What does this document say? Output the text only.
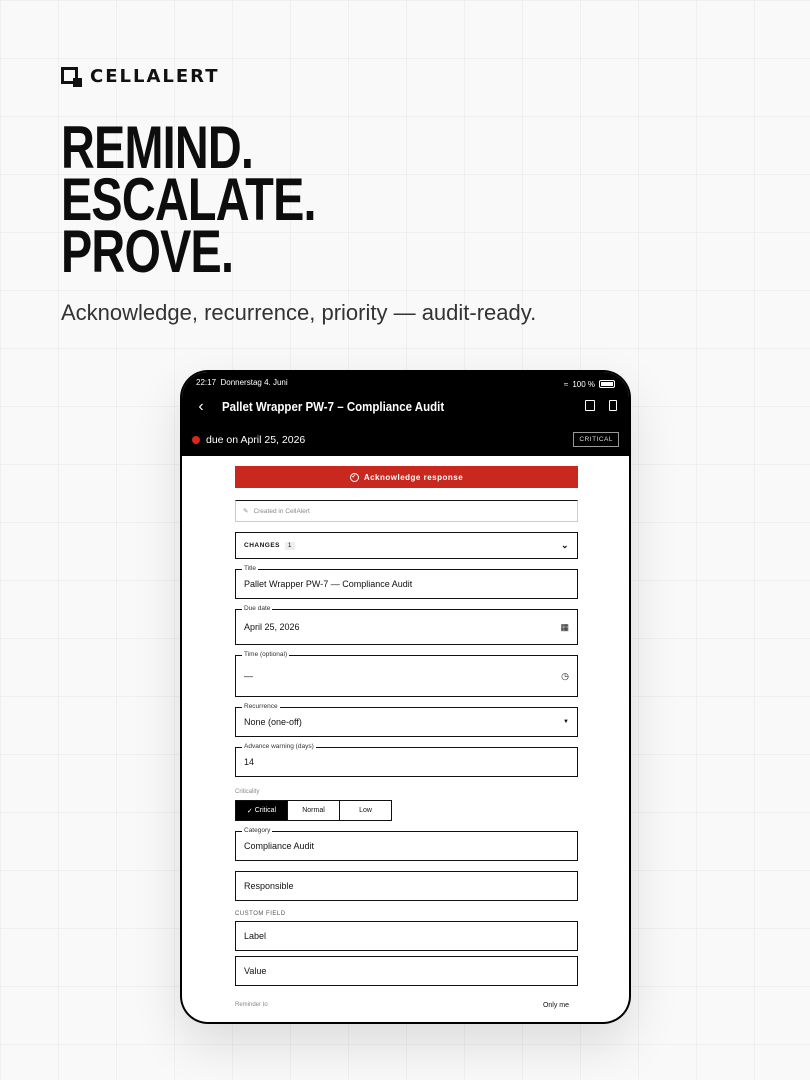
CELLALERT
REMIND.
ESCALATE.
PROVE.
Acknowledge, recurrence, priority — audit-ready.
22:17 Donnerstag 4. Juni	≈ 100 %
‹	Pallet Wrapper PW-7 – Compliance Audit
due on April 25, 2026	CRITICAL
✓ Acknowledge response
✎ Created in CellAlert
CHANGES	1	⌄
Title
Pallet Wrapper PW-7 — Compliance Audit
Due date
April 25, 2026	▦
Time (optional)
—	◷
Recurrence
None (one-off)	▼
Advance warning (days)
14
Criticality
✓ Critical	Normal	Low
Category
Compliance Audit
Responsible
CUSTOM FIELD
Label
Value
Reminder to	Only me
